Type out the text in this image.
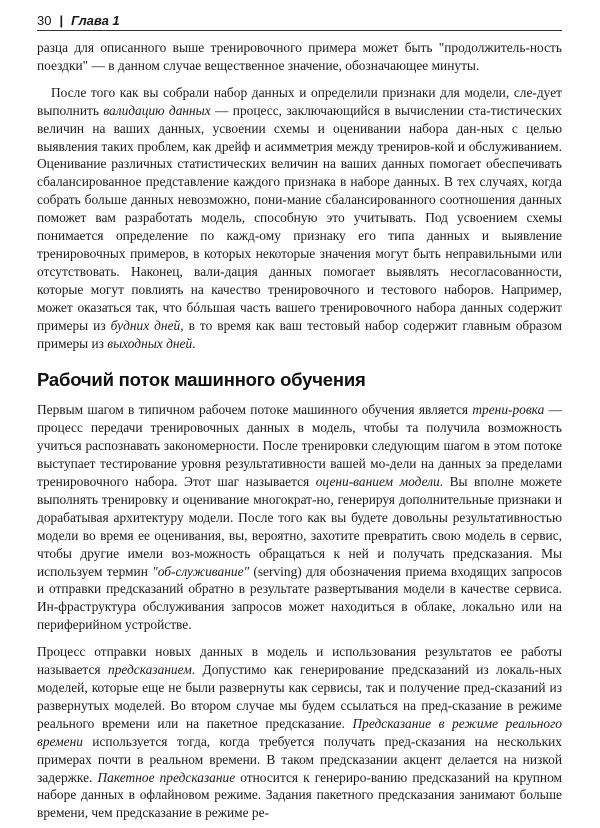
30 | Глава 1

разца для описанного выше тренировочного примера может быть "продолжитель-ность поездки" — в данном случае вещественное значение, обозначающее минуты.

После того как вы собрали набор данных и определили признаки для модели, сле-дует выполнить валидацию данных — процесс, заключающийся в вычислении ста-тистических величин на ваших данных, усвоении схемы и оценивании набора дан-ных с целью выявления таких проблем, как дрейф и асимметрия между трениров-кой и обслуживанием. Оценивание различных статистических величин на ваших данных помогает обеспечивать сбалансированное представление каждого признака в наборе данных. В тех случаях, когда собрать больше данных невозможно, пони-мание сбалансированного соотношения данных поможет вам разработать модель, способную это учитывать. Под усвоением схемы понимается определение по кажд-ому признаку его типа данных и выявление тренировочных примеров, в которых некоторые значения могут быть неправильными или отсутствовать. Наконец, вали-дация данных помогает выявлять несогласованности, которые могут повлиять на качество тренировочного и тестового наборов. Например, может оказаться так, что бóльшая часть вашего тренировочного набора данных содержит примеры из будних дней, в то время как ваш тестовый набор содержит главным образом примеры из выходных дней.

Рабочий поток машинного обучения

Первым шагом в типичном рабочем потоке машинного обучения является трени-ровка — процесс передачи тренировочных данных в модель, чтобы та получила возможность учиться распознавать закономерности. После тренировки следующим шагом в этом потоке выступает тестирование уровня результативности вашей мо-дели на данных за пределами тренировочного набора. Этот шаг называется оцени-ванием модели. Вы вполне можете выполнять тренировку и оценивание многократ-но, генерируя дополнительные признаки и дорабатывая архитектуру модели. После того как вы будете довольны результативностью модели во время ее оценивания, вы, вероятно, захотите превратить свою модель в сервис, чтобы другие имели воз-можность обращаться к ней и получать предсказания. Мы используем термин "об-служивание" (serving) для обозначения приема входящих запросов и отправки предсказаний обратно в результате развертывания модели в качестве сервиса. Ин-фраструктура обслуживания запросов может находиться в облаке, локально или на периферийном устройстве.

Процесс отправки новых данных в модель и использования результатов ее работы называется предсказанием. Допустимо как генерирование предсказаний из локаль-ных моделей, которые еще не были развернуты как сервисы, так и получение пред-сказаний из развернутых моделей. Во втором случае мы будем ссылаться на пред-сказание в режиме реального времени или на пакетное предсказание. Предсказание в режиме реального времени используется тогда, когда требуется получать пред-сказания на нескольких примерах почти в реальном времени. В таком предсказании акцент делается на низкой задержке. Пакетное предсказание относится к генериро-ванию предсказаний на крупном наборе данных в офлайновом режиме. Задания пакетного предсказания занимают больше времени, чем предсказание в режиме ре-
